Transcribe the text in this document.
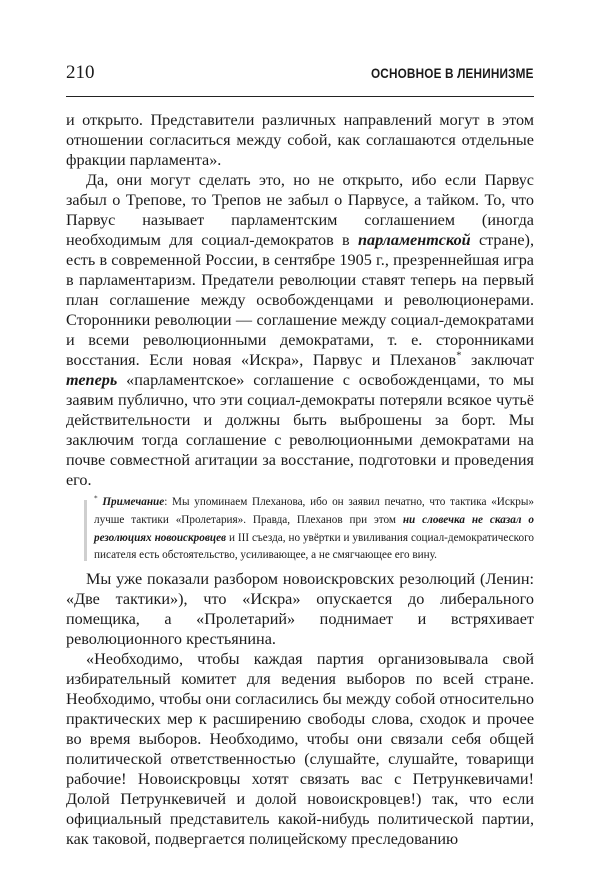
210	ОСНОВНОЕ В ЛЕНИНИЗМЕ

и открыто. Представители различных направлений могут в этом отношении согласиться между собой, как соглашаются отдельные фракции парламента».

Да, они могут сделать это, но не открыто, ибо если Парвус забыл о Трепове, то Трепов не забыл о Парвусе, а тайком. То, что Парвус называет парламентским соглашением (иногда необходимым для социал-демократов в парламентской стране), есть в современной России, в сентябре 1905 г., презреннейшая игра в парламентаризм. Предатели революции ставят теперь на первый план соглашение между освобожденцами и революционерами. Сторонники революции — соглашение между социал-демократами и всеми революционными демократами, т. е. сторонниками восстания. Если новая «Искра», Парвус и Плеханов* заключат теперь «парламентское» соглашение с освобожденцами, то мы заявим публично, что эти социал-демократы потеряли всякое чутьё действительности и должны быть выброшены за борт. Мы заключим тогда соглашение с революционными демократами на почве совместной агитации за восстание, подготовки и проведения его.

* Примечание: Мы упоминаем Плеханова, ибо он заявил печатно, что тактика «Искры» лучше тактики «Пролетария». Правда, Плеханов при этом ни словечка не сказал о резолюциях новоискровцев и III съезда, но увёртки и увиливания социал-демократического писателя есть обстоятельство, усиливающее, а не смягчающее его вину.

Мы уже показали разбором новоискровских резолюций (Ленин: «Две тактики»), что «Искра» опускается до либерального помещика, а «Пролетарий» поднимает и встряхивает революционного крестьянина.

«Необходимо, чтобы каждая партия организовывала свой избирательный комитет для ведения выборов по всей стране. Необходимо, чтобы они согласились бы между собой относительно практических мер к расширению свободы слова, сходок и прочее во время выборов. Необходимо, чтобы они связали себя общей политической ответственностью (слушайте, слушайте, товарищи рабочие! Новоискровцы хотят связать вас с Петрункевичами! Долой Петрункевичей и долой новоискровцев!) так, что если официальный представитель какой-нибудь политической партии, как таковой, подвергается полицейскому преследованию
